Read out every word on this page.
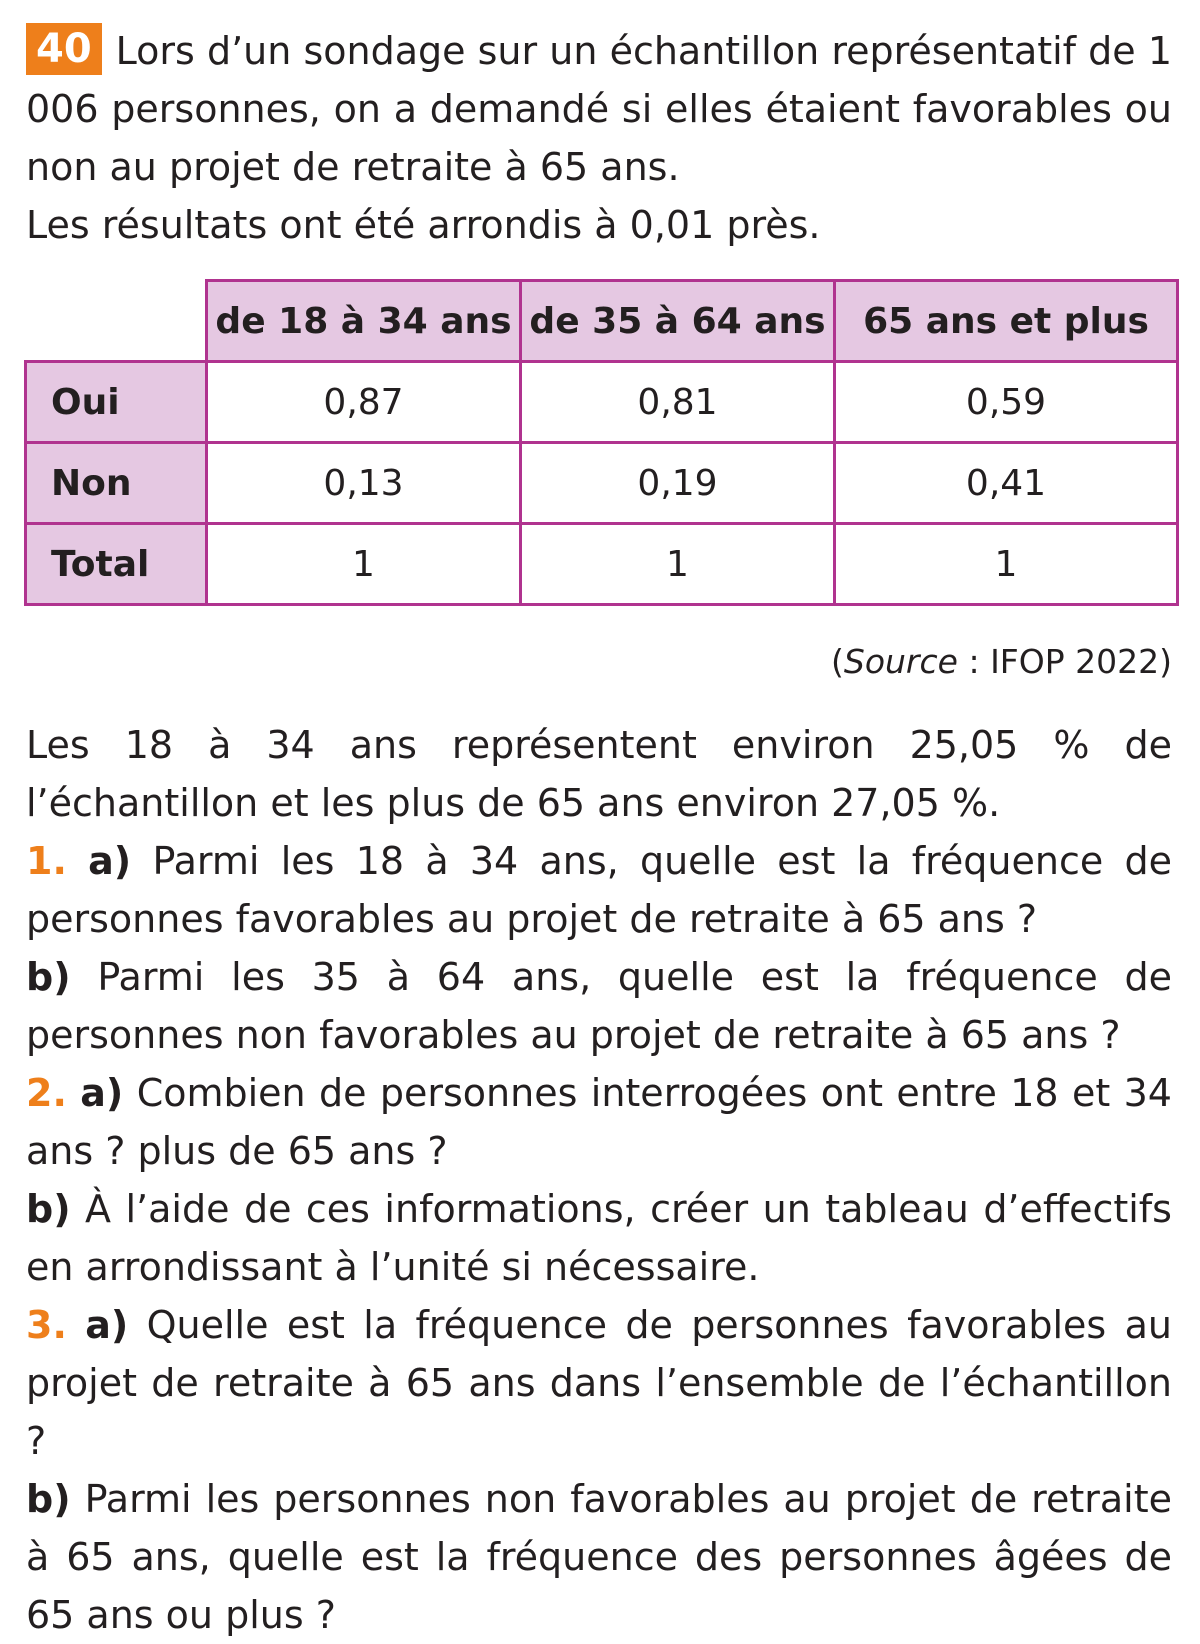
40 Lors d’un sondage sur un échantillon représentatif de 1 006 personnes, on a demandé si elles étaient favorables ou non au projet de retraite à 65 ans.

Les résultats ont été arrondis à 0,01 près.

	de 18 à 34 ans	de 35 à 64 ans	65 ans et plus
Oui	0,87	0,81	0,59
Non	0,13	0,19	0,41
Total	1	1	1
(Source : IFOP 2022)

Les 18 à 34 ans représentent environ 25,05 % de l’échantillon et les plus de 65 ans environ 27,05 %.

1. a) Parmi les 18 à 34 ans, quelle est la fréquence de personnes favorables au projet de retraite à 65 ans ?

b) Parmi les 35 à 64 ans, quelle est la fréquence de personnes non favorables au projet de retraite à 65 ans ?

2. a) Combien de personnes interrogées ont entre 18 et 34 ans ? plus de 65 ans ?

b) À l’aide de ces informations, créer un tableau d’effectifs en arrondissant à l’unité si nécessaire.

3. a) Quelle est la fréquence de personnes favorables au projet de retraite à 65 ans dans l’ensemble de l’échantillon ?

b) Parmi les personnes non favorables au projet de retraite à 65 ans, quelle est la fréquence des personnes âgées de 65 ans ou plus ?
